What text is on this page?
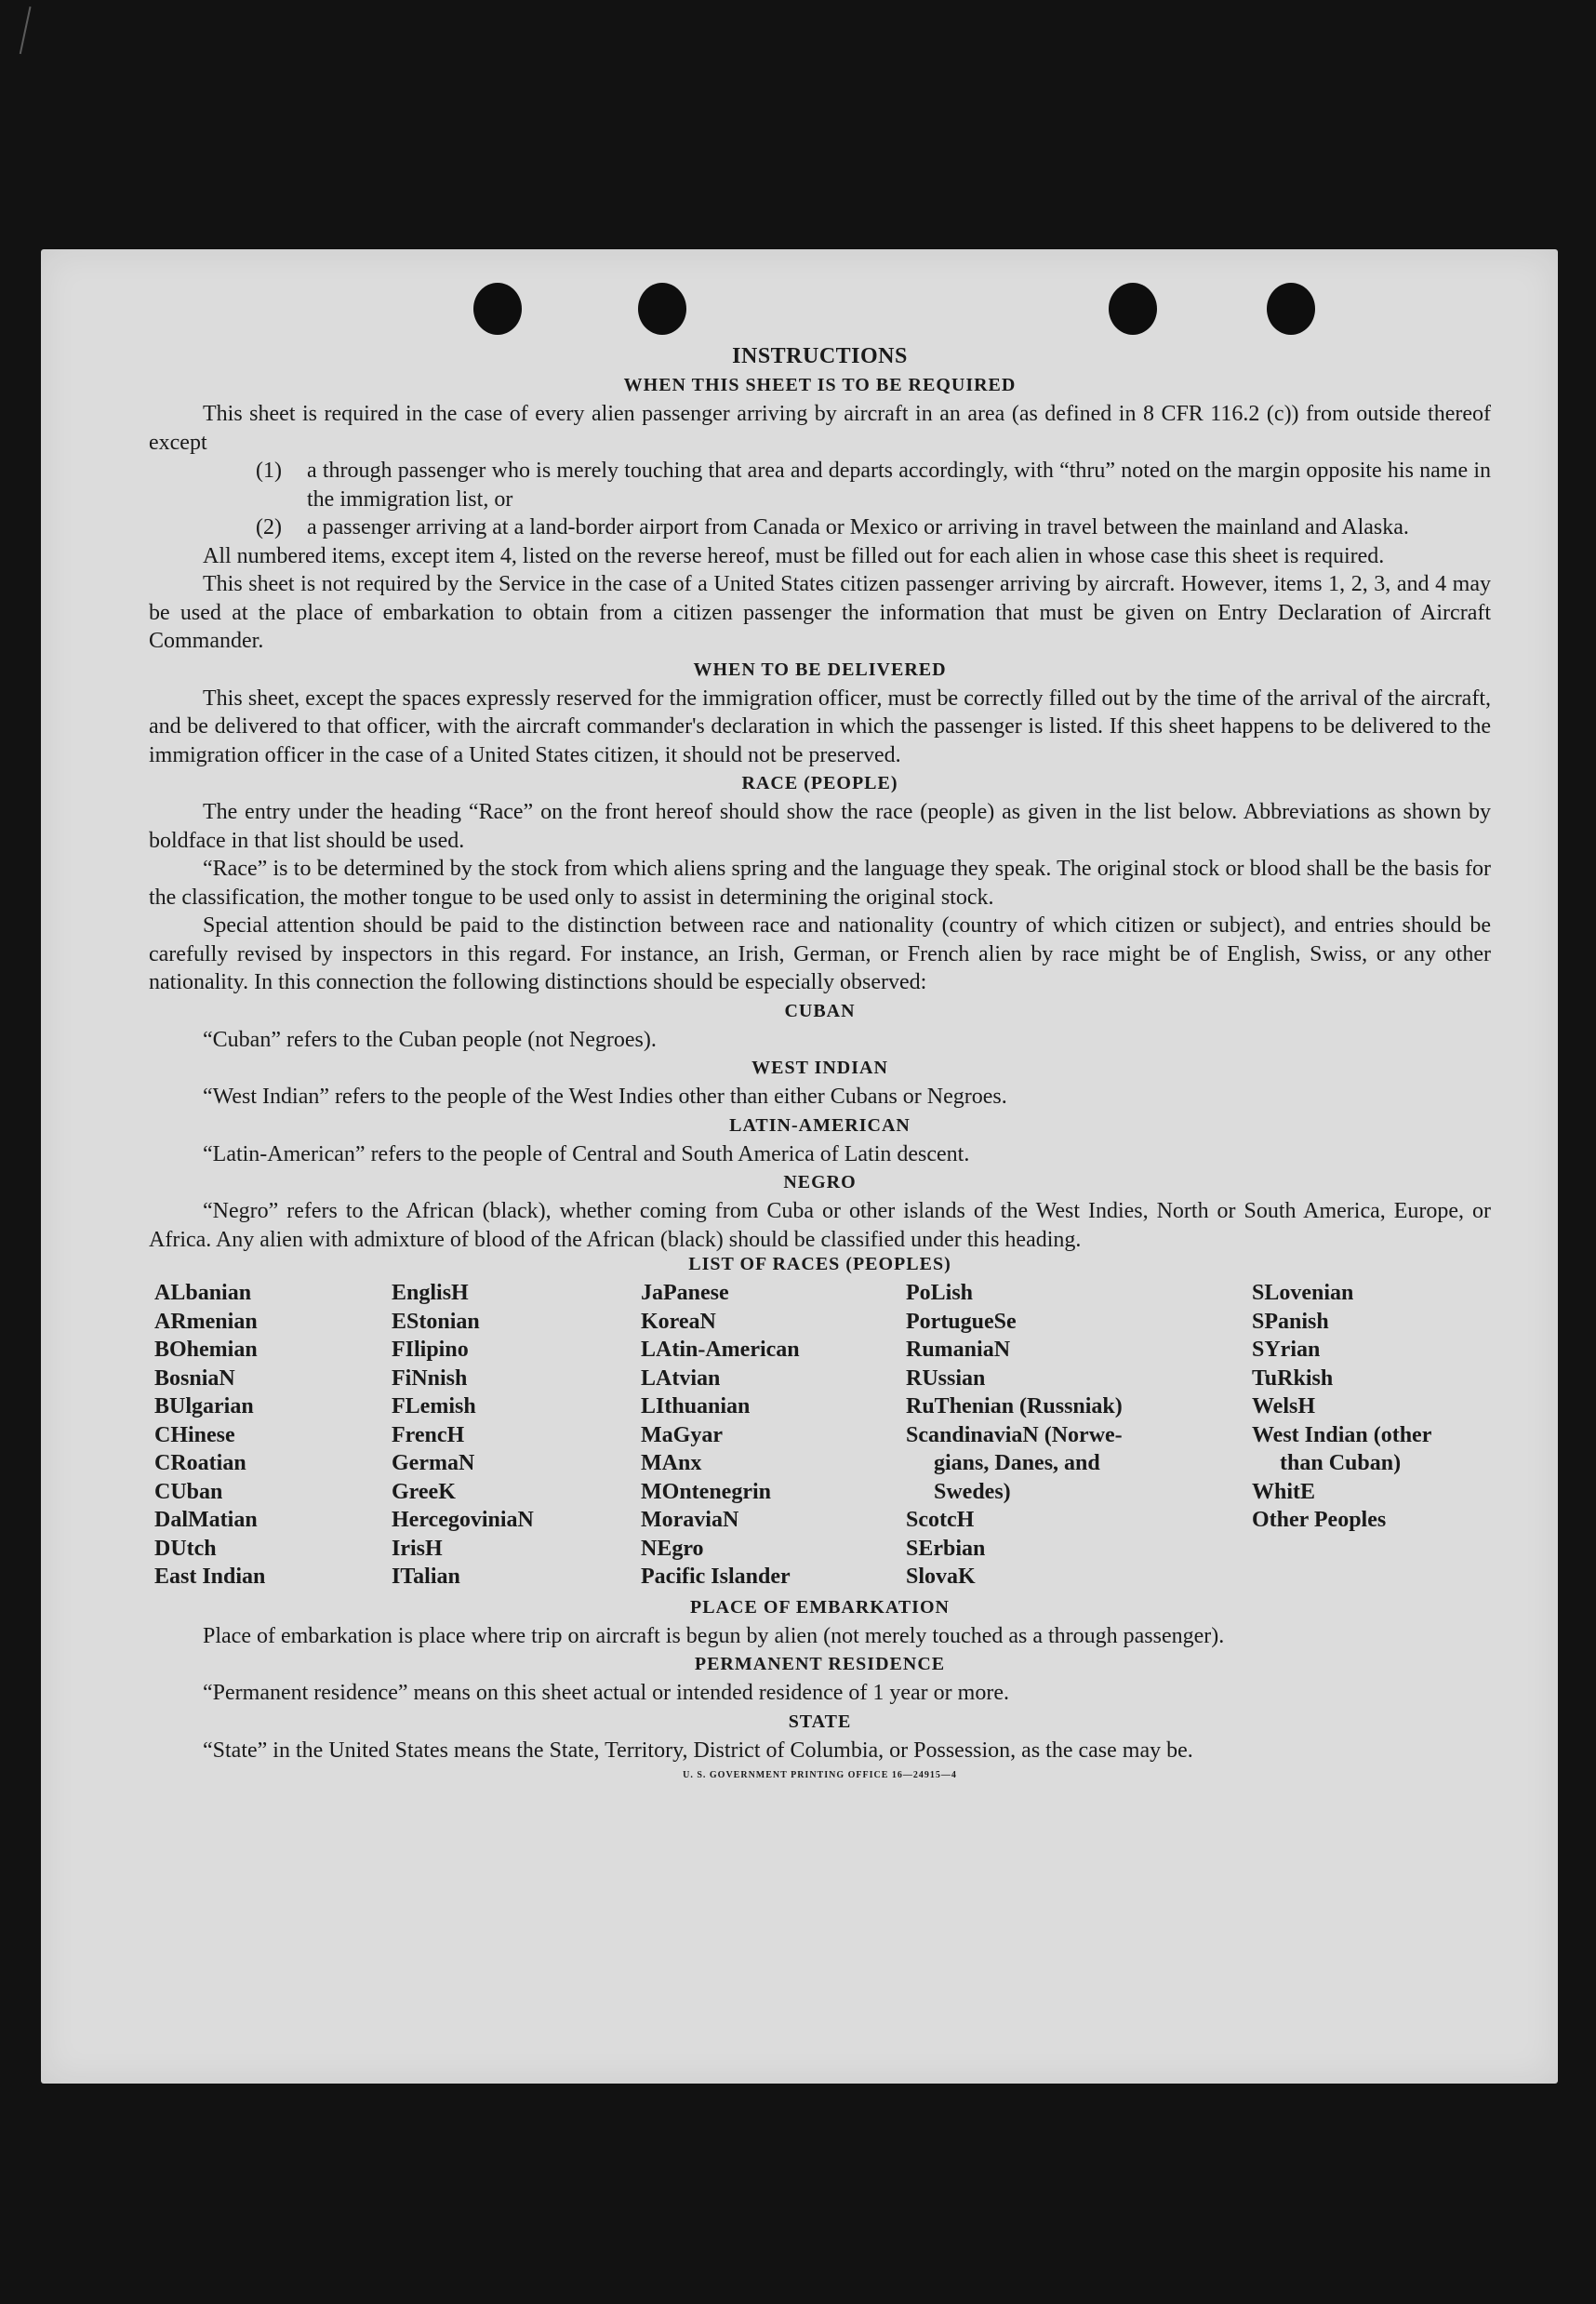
INSTRUCTIONS
WHEN THIS SHEET IS TO BE REQUIRED

This sheet is required in the case of every alien passenger arriving by aircraft in an area (as defined in 8 CFR 116.2 (c)) from outside thereof except

(1)	a through passenger who is merely touching that area and departs accordingly, with “thru” noted on the margin opposite his name in the immigration list, or
(2)	a passenger arriving at a land-border airport from Canada or Mexico or arriving in travel between the mainland and Alaska.

All numbered items, except item 4, listed on the reverse hereof, must be filled out for each alien in whose case this sheet is required.

This sheet is not required by the Service in the case of a United States citizen passenger arriving by aircraft. However, items 1, 2, 3, and 4 may be used at the place of embarkation to obtain from a citizen passenger the information that must be given on Entry Declaration of Aircraft Commander.

WHEN TO BE DELIVERED

This sheet, except the spaces expressly reserved for the immigration officer, must be correctly filled out by the time of the arrival of the aircraft, and be delivered to that officer, with the aircraft commander's declaration in which the passenger is listed. If this sheet happens to be delivered to the immigration officer in the case of a United States citizen, it should not be preserved.

RACE (PEOPLE)

The entry under the heading “Race” on the front hereof should show the race (people) as given in the list below. Abbreviations as shown by boldface in that list should be used.

“Race” is to be determined by the stock from which aliens spring and the language they speak. The original stock or blood shall be the basis for the classification, the mother tongue to be used only to assist in determining the original stock.

Special attention should be paid to the distinction between race and nationality (country of which citizen or subject), and entries should be carefully revised by inspectors in this regard. For instance, an Irish, German, or French alien by race might be of English, Swiss, or any other nationality. In this connection the following distinctions should be especially observed:

CUBAN

“Cuban” refers to the Cuban people (not Negroes).

WEST INDIAN

“West Indian” refers to the people of the West Indies other than either Cubans or Negroes.

LATIN-AMERICAN

“Latin-American” refers to the people of Central and South America of Latin descent.

NEGRO

“Negro” refers to the African (black), whether coming from Cuba or other islands of the West Indies, North or South America, Europe, or Africa. Any alien with admixture of blood of the African (black) should be classified under this heading.

LIST OF RACES (PEOPLES)
ALbanian
ARmenian
BOhemian
BosniaN
BUlgarian
CHinese
CRoatian
CUban
DalMatian
DUtch
East Indian
EnglisH
EStonian
FIlipino
FiNnish
FLemish
FrencH
GermaN
GreeK
HercegoviniaN
IrisH
ITalian
JaPanese
KoreaN
LAtin-American
LAtvian
LIthuanian
MaGyar
MAnx
MOntenegrin
MoraviaN
NEgro
Pacific Islander
PoLish
PortugueSe
RumaniaN
RUssian
RuThenian (Russniak)
ScandinaviaN (Norwe-
gians, Danes, and
Swedes)
ScotcH
SErbian
SlovaK
SLovenian
SPanish
SYrian
TuRkish
WelsH
West Indian (other
than Cuban)
WhitE
Other Peoples
PLACE OF EMBARKATION

Place of embarkation is place where trip on aircraft is begun by alien (not merely touched as a through passenger).

PERMANENT RESIDENCE

“Permanent residence” means on this sheet actual or intended residence of 1 year or more.

STATE

“State” in the United States means the State, Territory, District of Columbia, or Possession, as the case may be.

U. S. GOVERNMENT PRINTING OFFICE 16—24915—4
